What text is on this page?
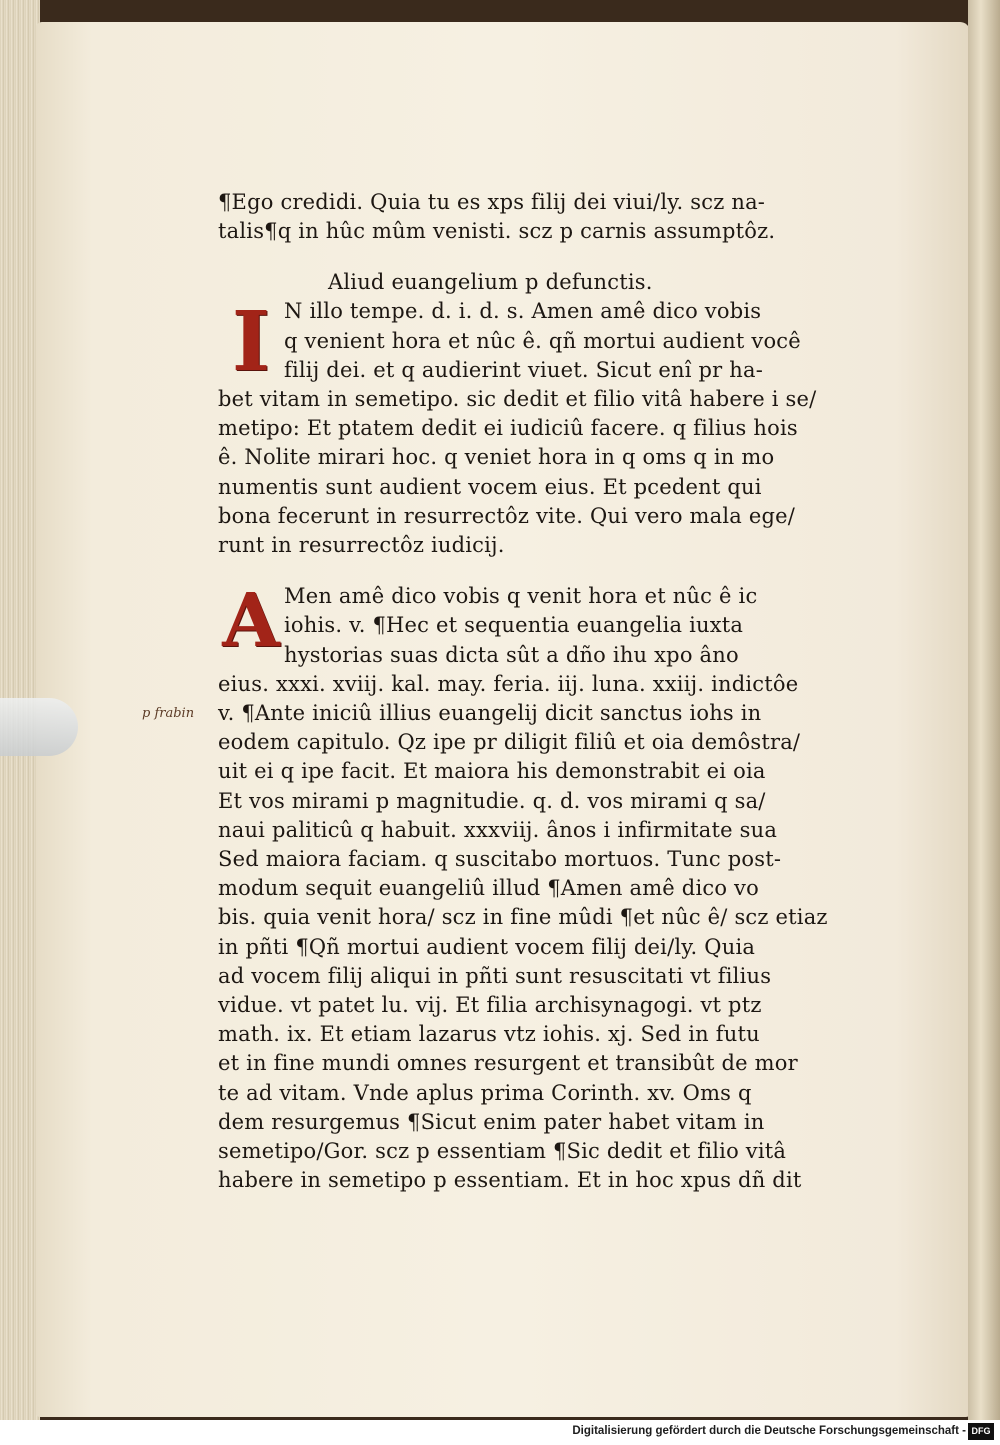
p frabin
¶Ego credidi. Quia tu es xps filij dei viui/ly. scz na-
talis¶q in hûc mûm venisti. scz p carnis assumptôz.
Aliud euangelium p defunctis.
I N illo tempe. d. i. d. s. Amen amê dico vobis
q venient hora et nûc ê. qñ mortui audient você
filij dei. et q audierint viuet. Sicut enî pr ha-
bet vitam in semetipo. sic dedit et filio vitâ habere i se/
metipo: Et ptatem dedit ei iudiciû facere. q filius hois
ê. Nolite mirari hoc. q veniet hora in q oms q in mo
numentis sunt audient vocem eius. Et pcedent qui
bona fecerunt in resurrectôz vite. Qui vero mala ege/
runt in resurrectôz iudicij.
A Men amê dico vobis q venit hora et nûc ê ic
iohis. v. ¶Hec et sequentia euangelia iuxta
hystorias suas dicta sût a dño ihu xpo âno
eius. xxxi. xviij. kal. may. feria. iij. luna. xxiij. indictôe
v. ¶Ante iniciû illius euangelij dicit sanctus iohs in
eodem capitulo. Qz ipe pr diligit filiû et oia demôstra/
uit ei q ipe facit. Et maiora his demonstrabit ei oia
Et vos mirami p magnitudie. q. d. vos mirami q sa/
naui paliticû q habuit. xxxviij. ânos i infirmitate sua
Sed maiora faciam. q suscitabo mortuos. Tunc post-
modum sequit euangeliû illud ¶Amen amê dico vo
bis. quia venit hora/ scz in fine mûdi ¶et nûc ê/ scz etiaz
in pñti ¶Qñ mortui audient vocem filij dei/ly. Quia
ad vocem filij aliqui in pñti sunt resuscitati vt filius
vidue. vt patet lu. vij. Et filia archisynagogi. vt ptz
math. ix. Et etiam lazarus vtz iohis. xj. Sed in futu
et in fine mundi omnes resurgent et transibût de mor
te ad vitam. Vnde aplus prima Corinth. xv. Oms q
dem resurgemus ¶Sicut enim pater habet vitam in
semetipo/Gor. scz p essentiam ¶Sic dedit et filio vitâ
habere in semetipo p essentiam. Et in hoc xpus dñ dit
Digitalisierung gefördert durch die Deutsche Forschungsgemeinschaft - DFG
